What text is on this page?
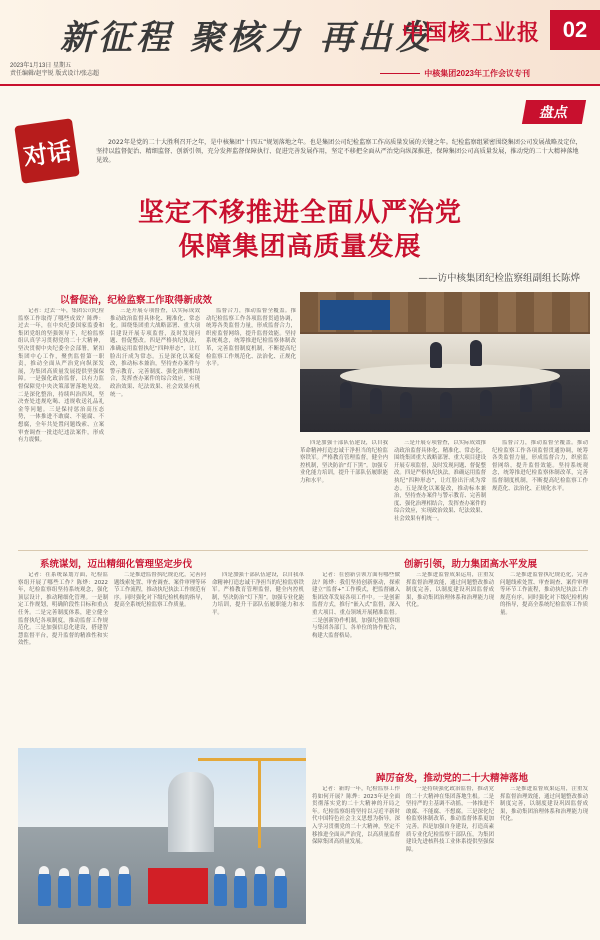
新征程 聚核力 再出发
中国核工业报	02
2023年1月13日 星期五
责任编辑/赵宇锐 版式设计/张志超	中核集团2023年工作会议专刊
盘点
对话	2022年是党的二十大胜利召开之年，是中核集团“十四五”规划落地之年。也是集团公司纪检监察工作高质量发展的关键之年。纪检监察组紧密围绕集团公司发展战略及定位，坚持以监督促治、精细监督、创新引领，充分发挥监督保障执行、促进完善发展作用，坚定不移把全面从严治党向纵深推进，保障集团公司高质量发展，推动党的二十大精神落地见效。
坚定不移推进全面从严治党
保障集团高质量发展
——访中核集团纪检监察组副组长陈烨
以督促治，纪检监察工作取得新成效

记者：过去一年，集团公司纪检监察工作取得了哪些成效？陈烨：过去一年，在中央纪委国家监委和集团党组的坚强领导下，纪检监察组认真学习贯彻党的二十大精神，坚决贯彻中央纪委全会部署，紧扣集团中心工作，聚焦监督第一职责，推动全面从严治党向纵深发展，为集团高质量发展提供坚强保障。一是强化政治监督，以有力监督保障党中央决策部署落地见效。二是深化整治，持续纠治四风，坚决查处违规吃喝、违规收送礼品礼金等问题。三是保持惩治高压态势，一体推进不敢腐、不能腐、不想腐，全年共处置问题线索、立案审查调查一批违纪违法案件，形成有力震慑。

三是开展专项督查，以实际成效推动政治监督具体化、精准化、常态化。围绕集团重大战略部署、重大项目建设开展专项监督，及时发现问题、督促整改。四是严格执纪执法，准确运用监督执纪“四种形态”，让红脸出汗成为常态。五是深化以案促改，推动标本兼治，坚持查办案件与警示教育、完善制度、强化治理相结合，发挥查办案件的综合效应，实现政治效果、纪法效果、社会效果有机统一。

监督合力，推动监督全覆盖。推动纪检监察工作各项监督贯通协调，统筹各类监督力量，形成监督合力，织密监督网络，提升监督效能。坚持系统观念，统筹推进纪检监察体制改革，完善监督制度机制，不断提高纪检监察工作规范化、法治化、正规化水平。

四是加强干部队伍建设，以自我革命精神打造忠诚干净担当的纪检监察铁军。严格教育管理监督，健全内控机制，坚决防治“灯下黑”。加强专业化能力培训，提升干部队伍履职能力和水平。

三是开展专项督查，以实际成效推动政治监督具体化、精准化、常态化。围绕集团重大战略部署、重大项目建设开展专项监督，及时发现问题、督促整改。四是严格执纪执法，准确运用监督执纪“四种形态”，让红脸出汗成为常态。五是深化以案促改，推动标本兼治，坚持查办案件与警示教育、完善制度、强化治理相结合，发挥查办案件的综合效应，实现政治效果、纪法效果、社会效果有机统一。

监督合力，推动监督全覆盖。推动纪检监察工作各项监督贯通协调，统筹各类监督力量，形成监督合力，织密监督网络，提升监督效能。坚持系统观念，统筹推进纪检监察体制改革，完善监督制度机制，不断提高纪检监察工作规范化、法治化、正规化水平。

系统谋划，迈出精细化管理坚定步伐

记者：在系统谋划方面，纪检监察组开展了哪些工作？陈烨：2022年，纪检监察组坚持系统观念，强化顶层设计，推动精细化管理。一是制定工作规划，明确阶段性目标和重点任务。二是完善制度体系，建立健全监督执纪各项制度，推动监督工作规范化。三是加强信息化建设，搭建智慧监督平台，提升监督的精准性和实效性。

二是推进监督执纪规范化，完善问题线索处置、审查调查、案件审理等环节工作流程，推动执纪执法工作规范有序。同时强化对下级纪检机构的指导，提高全系统纪检监察工作质量。

四是加强干部队伍建设，以自我革命精神打造忠诚干净担当的纪检监察铁军。严格教育管理监督，健全内控机制，坚决防治“灯下黑”。加强专业化能力培训，提升干部队伍履职能力和水平。

创新引领，助力集团高水平发展

记者：在创新引领方面有哪些做法？陈烨：我们坚持创新驱动，探索建立“监督+”工作模式，把监督融入集团改革发展各项工作中。一是创新监督方式，推行“嵌入式”监督，深入重大项目、重点领域开展精准监督。二是创新协作机制，加强纪检监察组与集团各部门、各单位的协作配合，构建大监督格局。

三是推进监督成果运用，注重发挥监督治理效能，通过问题整改推动制度完善，以制度建设巩固监督成果，推动集团治理体系和治理能力现代化。

二是推进监督执纪规范化，完善问题线索处置、审查调查、案件审理等环节工作流程，推动执纪执法工作规范有序。同时强化对下级纪检机构的指导，提高全系统纪检监察工作质量。

踔厉奋发，推动党的二十大精神落地

记者：新的一年，纪检监察工作将如何开展？陈烨：2023年是全面贯彻落实党的二十大精神的开局之年。纪检监察组将坚持以习近平新时代中国特色社会主义思想为指导，深入学习贯彻党的二十大精神，坚定不移推进全面从严治党，以高质量监督保障集团高质量发展。

一是持续强化政治监督，推动党的二十大精神在集团落地生根。二是坚持严的主基调不动摇，一体推进不敢腐、不能腐、不想腐。三是深化纪检监察体制改革，推动监督体系更加完善。四是加强自身建设，打造高素质专业化纪检监察干部队伍，为集团建设先进核科技工业体系提供坚强保障。

三是推进监督成果运用，注重发挥监督治理效能，通过问题整改推动制度完善，以制度建设巩固监督成果，推动集团治理体系和治理能力现代化。
